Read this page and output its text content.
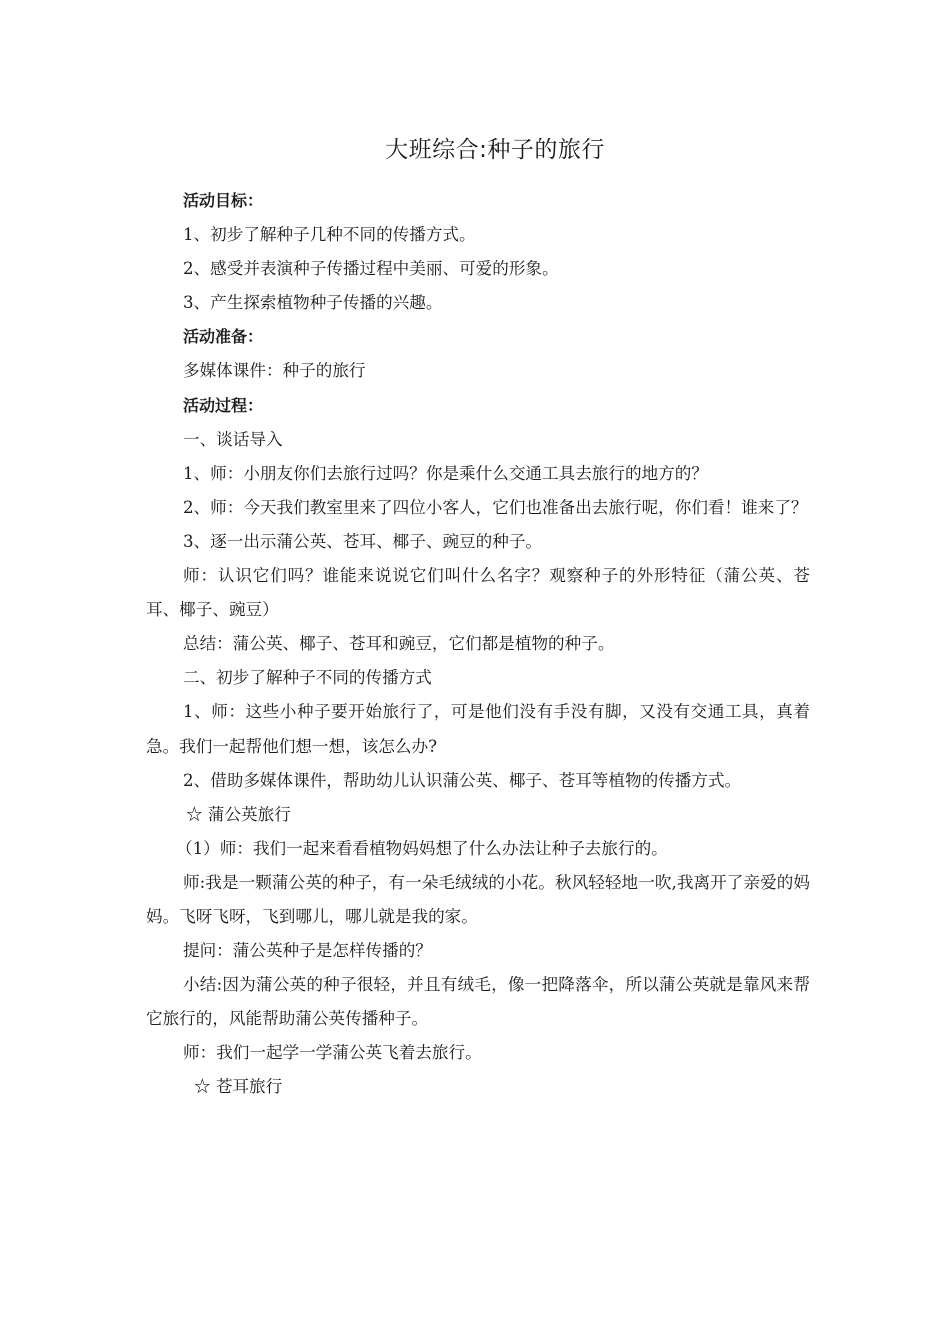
大班综合:种子的旅行

活动目标：

1、初步了解种子几种不同的传播方式。

2、感受并表演种子传播过程中美丽、可爱的形象。

3、产生探索植物种子传播的兴趣。

活动准备：

多媒体课件：种子的旅行

活动过程：

一、谈话导入

1、师：小朋友你们去旅行过吗？你是乘什么交通工具去旅行的地方的？

2、师：今天我们教室里来了四位小客人，它们也准备出去旅行呢，你们看！谁来了？

3、逐一出示蒲公英、苍耳、椰子、豌豆的种子。

师：认识它们吗？谁能来说说它们叫什么名字？观察种子的外形特征（蒲公英、苍耳、椰子、豌豆）

总结：蒲公英、椰子、苍耳和豌豆，它们都是植物的种子。

二、初步了解种子不同的传播方式

1、师：这些小种子要开始旅行了，可是他们没有手没有脚，又没有交通工具，真着急。我们一起帮他们想一想，该怎么办?

2、借助多媒体课件，帮助幼儿认识蒲公英、椰子、苍耳等植物的传播方式。

☆ 蒲公英旅行

（1）师：我们一起来看看植物妈妈想了什么办法让种子去旅行的。

师:我是一颗蒲公英的种子，有一朵毛绒绒的小花。秋风轻轻地一吹,我离开了亲爱的妈妈。飞呀飞呀，飞到哪儿，哪儿就是我的家。

提问：蒲公英种子是怎样传播的？

小结:因为蒲公英的种子很轻，并且有绒毛，像一把降落伞，所以蒲公英就是靠风来帮它旅行的，风能帮助蒲公英传播种子。

师：我们一起学一学蒲公英飞着去旅行。

☆ 苍耳旅行
